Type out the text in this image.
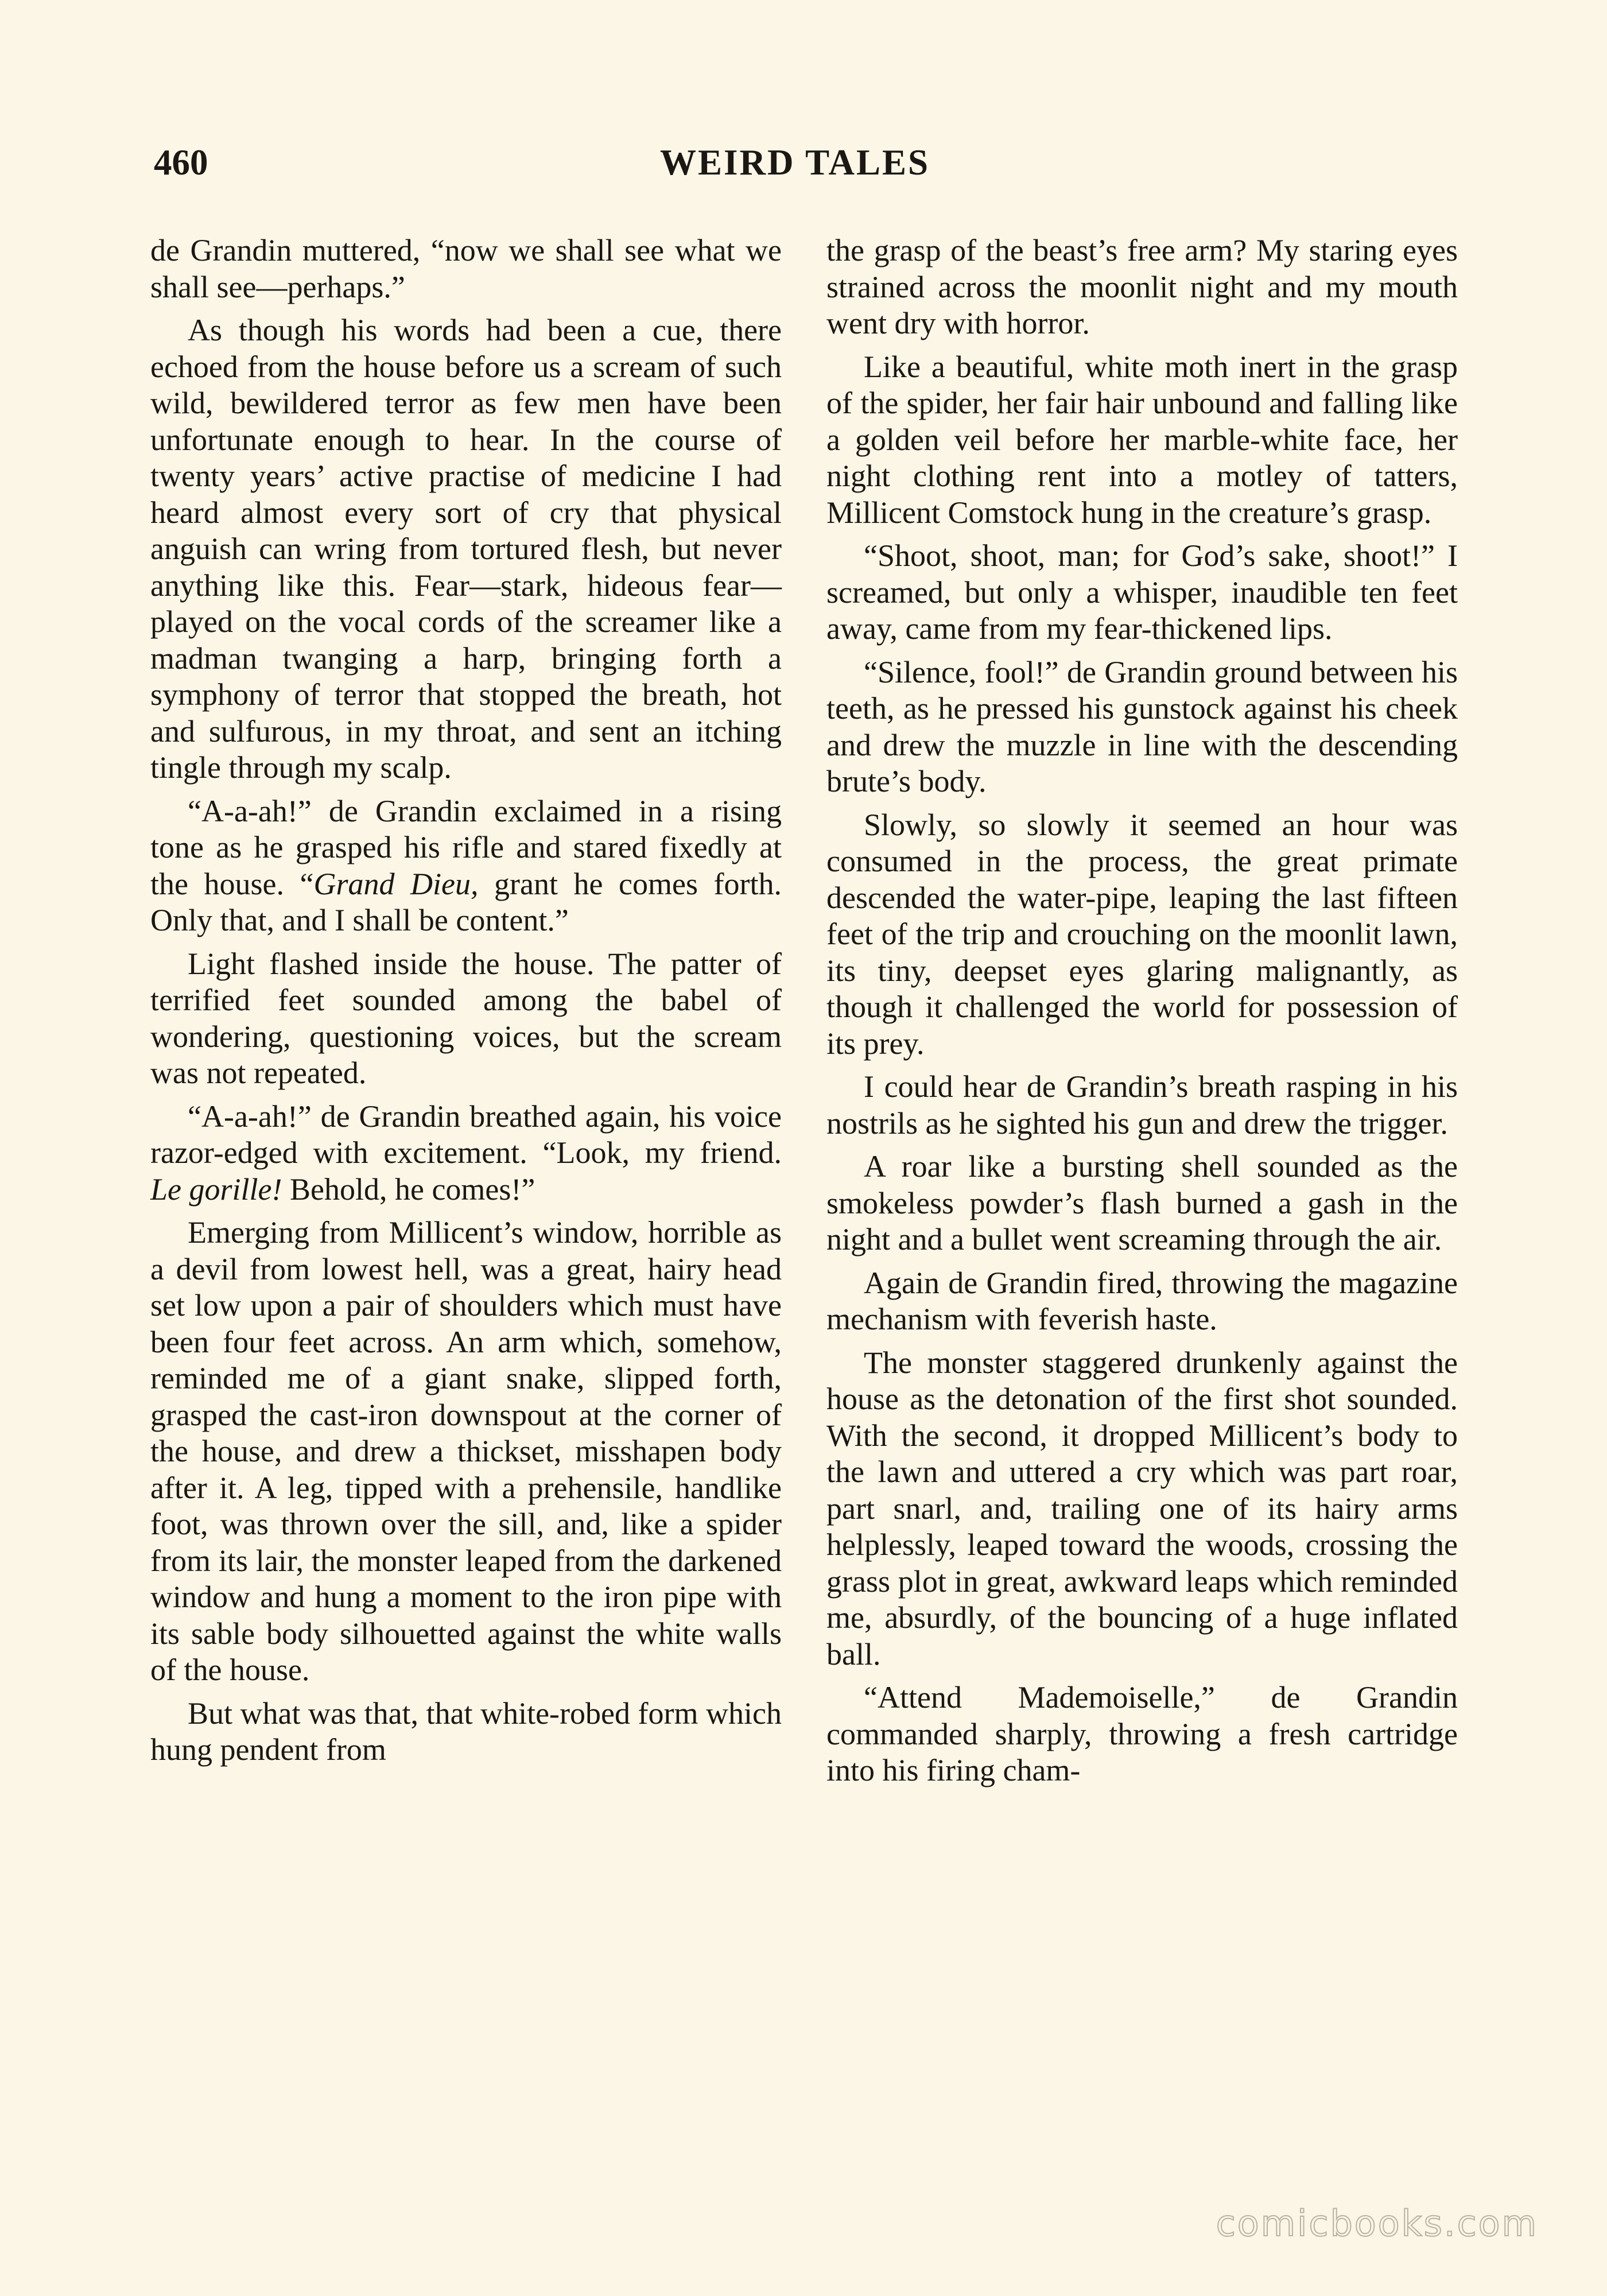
460	WEIRD TALES

de Grandin muttered, “now we shall see what we shall see—perhaps.”

As though his words had been a cue, there echoed from the house before us a scream of such wild, bewildered terror as few men have been unfortunate enough to hear. In the course of twenty years’ active practise of medicine I had heard almost every sort of cry that physical anguish can wring from tortured flesh, but never anything like this. Fear—stark, hideous fear—played on the vocal cords of the screamer like a madman twanging a harp, bringing forth a symphony of terror that stopped the breath, hot and sulfurous, in my throat, and sent an itching tingle through my scalp.

“A-a-ah!” de Grandin exclaimed in a rising tone as he grasped his rifle and stared fixedly at the house. “Grand Dieu, grant he comes forth. Only that, and I shall be content.”

Light flashed inside the house. The patter of terrified feet sounded among the babel of wondering, questioning voices, but the scream was not repeated.

“A-a-ah!” de Grandin breathed again, his voice razor-edged with excitement. “Look, my friend. Le gorille! Behold, he comes!”

Emerging from Millicent’s window, horrible as a devil from lowest hell, was a great, hairy head set low upon a pair of shoulders which must have been four feet across. An arm which, somehow, reminded me of a giant snake, slipped forth, grasped the cast-iron downspout at the corner of the house, and drew a thickset, misshapen body after it. A leg, tipped with a prehensile, handlike foot, was thrown over the sill, and, like a spider from its lair, the monster leaped from the darkened window and hung a moment to the iron pipe with its sable body silhouetted against the white walls of the house.

But what was that, that white-robed form which hung pendent from

the grasp of the beast’s free arm? My staring eyes strained across the moonlit night and my mouth went dry with horror.

Like a beautiful, white moth inert in the grasp of the spider, her fair hair unbound and falling like a golden veil before her marble-white face, her night clothing rent into a motley of tatters, Millicent Comstock hung in the creature’s grasp.

“Shoot, shoot, man; for God’s sake, shoot!” I screamed, but only a whisper, inaudible ten feet away, came from my fear-thickened lips.

“Silence, fool!” de Grandin ground between his teeth, as he pressed his gunstock against his cheek and drew the muzzle in line with the descending brute’s body.

Slowly, so slowly it seemed an hour was consumed in the process, the great primate descended the water-pipe, leaping the last fifteen feet of the trip and crouching on the moonlit lawn, its tiny, deepset eyes glaring malignantly, as though it challenged the world for possession of its prey.

I could hear de Grandin’s breath rasping in his nostrils as he sighted his gun and drew the trigger.

A roar like a bursting shell sounded as the smokeless powder’s flash burned a gash in the night and a bullet went screaming through the air.

Again de Grandin fired, throwing the magazine mechanism with feverish haste.

The monster staggered drunkenly against the house as the detonation of the first shot sounded. With the second, it dropped Millicent’s body to the lawn and uttered a cry which was part roar, part snarl, and, trailing one of its hairy arms helplessly, leaped toward the woods, crossing the grass plot in great, awkward leaps which reminded me, absurdly, of the bouncing of a huge inflated ball.

“Attend Mademoiselle,” de Grandin commanded sharply, throwing a fresh cartridge into his firing cham-

comicbooks.com
